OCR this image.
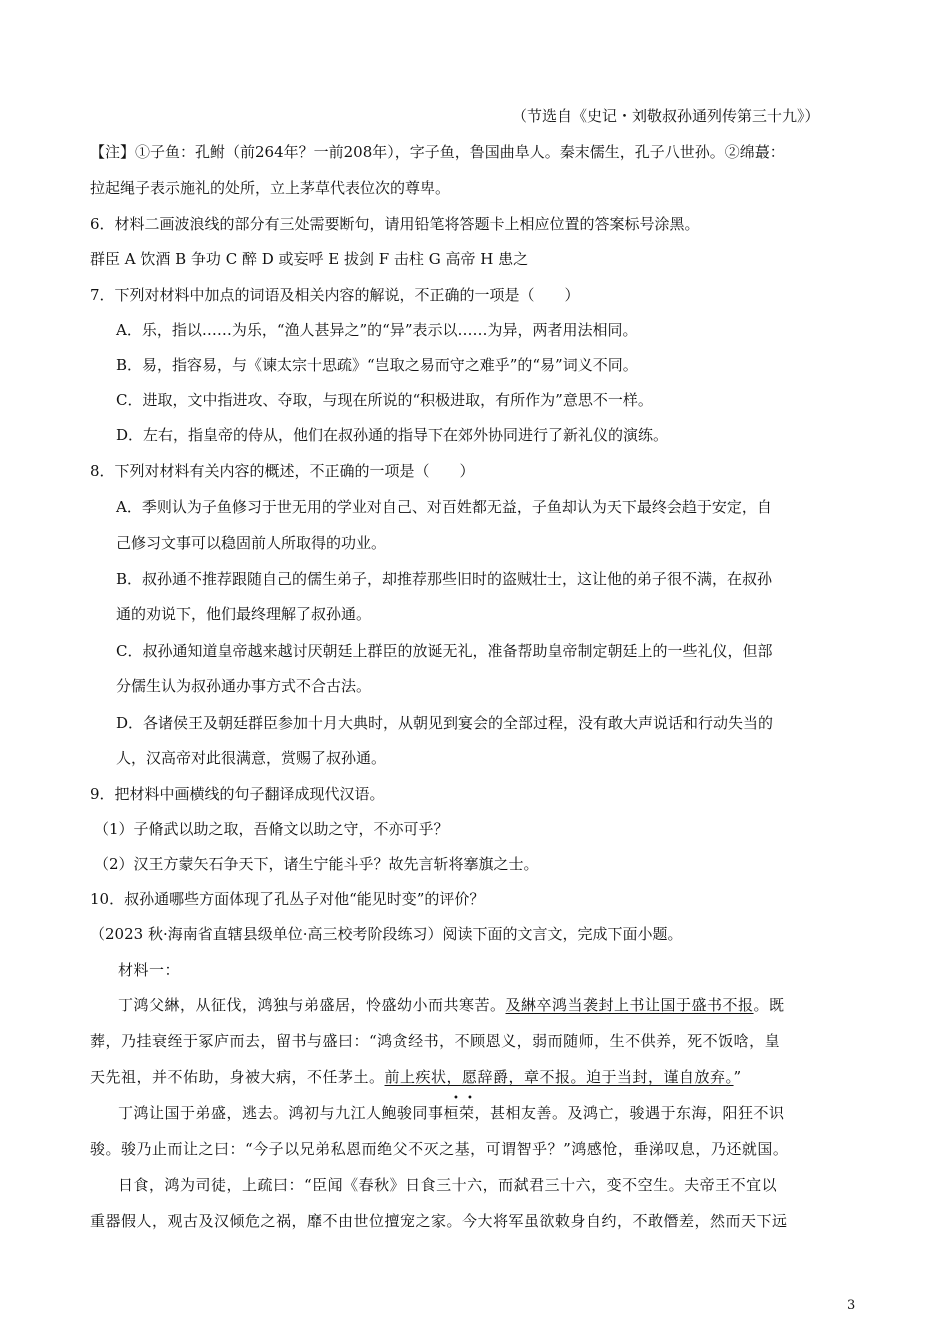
（节选自《史记・刘敬叔孙通列传第三十九》）
【注】①子鱼：孔鲋（前264年？一前208年），字子鱼，鲁国曲阜人。秦末儒生，孔子八世孙。②绵蕞：
拉起绳子表示施礼的处所，立上茅草代表位次的尊卑。
6．材料二画波浪线的部分有三处需要断句，请用铅笔将答题卡上相应位置的答案标号涂黑。
群臣 A 饮酒 B 争功 C 醉 D 或妄呼 E 拔剑 F 击柱 G 高帝 H 患之
7．下列对材料中加点的词语及相关内容的解说，不正确的一项是（　　）
A．乐，指以……为乐，“渔人甚异之”的“异”表示以……为异，两者用法相同。
B．易，指容易，与《谏太宗十思疏》“岂取之易而守之难乎”的“易”词义不同。
C．进取，文中指进攻、夺取，与现在所说的“积极进取，有所作为”意思不一样。
D．左右，指皇帝的侍从，他们在叔孙通的指导下在郊外协同进行了新礼仪的演练。
8．下列对材料有关内容的概述，不正确的一项是（　　）
A．季则认为子鱼修习于世无用的学业对自己、对百姓都无益，子鱼却认为天下最终会趋于安定，自
己修习文事可以稳固前人所取得的功业。
B．叔孙通不推荐跟随自己的儒生弟子，却推荐那些旧时的盗贼壮士，这让他的弟子很不满，在叔孙
通的劝说下，他们最终理解了叔孙通。
C．叔孙通知道皇帝越来越讨厌朝廷上群臣的放诞无礼，准备帮助皇帝制定朝廷上的一些礼仪，但部
分儒生认为叔孙通办事方式不合古法。
D．各诸侯王及朝廷群臣参加十月大典时，从朝见到宴会的全部过程，没有敢大声说话和行动失当的
人，汉高帝对此很满意，赏赐了叔孙通。
9．把材料中画横线的句子翻译成现代汉语。
（1）子脩武以助之取，吾脩文以助之守，不亦可乎？
（2）汉王方蒙矢石争天下，诸生宁能斗乎？故先言斩将搴旗之士。
10．叔孙通哪些方面体现了孔丛子对他“能见时变”的评价？
（2023 秋·海南省直辖县级单位·高三校考阶段练习）阅读下面的文言文，完成下面小题。
材料一：
丁鸿父綝，从征伐，鸿独与弟盛居，怜盛幼小而共寒苦。及綝卒鸿当袭封上书让国于盛书不报。既
葬，乃挂衰绖于冢庐而去，留书与盛曰：“鸿贪经书，不顾恩义，弱而随师，生不供养，死不饭唅，皇
天先祖，并不佑助，身被大病，不任茅土。前上疾状，愿辞爵，章不报。迫于当封，谨自放弃。”
• •
丁鸿让国于弟盛，逃去。鸿初与九江人鲍骏同事桓荣，甚相友善。及鸿亡，骏遇于东海，阳狂不识
骏。骏乃止而让之曰：“今子以兄弟私恩而绝父不灭之基，可谓智乎？”鸿感怆，垂涕叹息，乃还就国。
日食，鸿为司徒，上疏曰：“臣闻《春秋》日食三十六，而弑君三十六，变不空生。夫帝王不宜以
重器假人，观古及汉倾危之祸，靡不由世位擅宠之家。今大将军虽欲敕身自约，不敢僭差，然而天下远
3
